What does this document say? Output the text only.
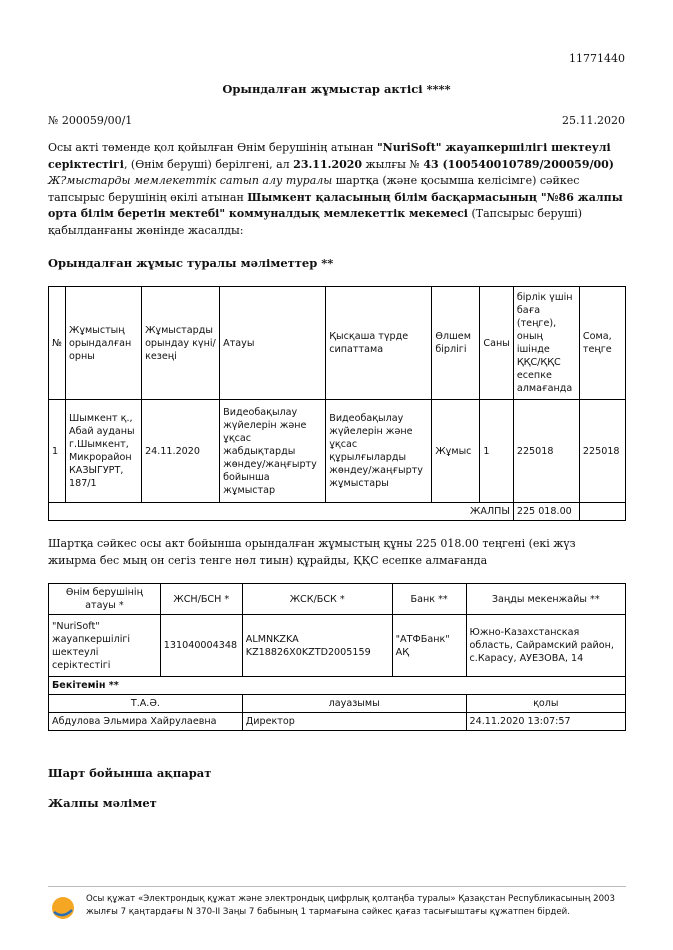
11771440
Орындалған жұмыстар актісі ****
№ 200059/00/1	25.11.2020
Осы акті төменде қол қойылған Өнім берушінің атынан "NuriSoft" жауапкершілігі шектеулі серіктестігі, (Өнім беруші) берілгені, ал 23.11.2020 жылғы № 43 (100540010789/200059/00) Ж?мыстарды мемлекеттік сатып алу туралы шартқа (және қосымша келісімге) сәйкес тапсырыс берушінің өкілі атынан Шымкент қаласының білім басқармасының "№86 жалпы орта білім беретін мектебі" коммуналдық мемлекеттік мекемесі (Тапсырыс беруші) қабылданғаны жөнінде жасалды:
Орындалған жұмыс туралы мәліметтер **
№	Жұмыстың орындалған орны	Жұмыстарды орындау күні/кезеңі	Атауы	Қысқаша түрде сипаттама	Өлшем бірлігі	Саны	бірлік үшін баға (теңге), оның ішінде ҚҚС/ҚҚС есепке алмағанда	Сома, теңге
1	Шымкент қ., Абай ауданы г.Шымкент, Микрорайон КАЗЫГУРТ, 187/1	24.11.2020	Видеобақылау жүйелерін және ұқсас жабдықтарды жөндеу/жаңғырту бойынша жұмыстар	Видеобақылау жүйелерін және ұқсас құрылғыларды жөндеу/жаңғырту жұмыстары	Жұмыс	1	225018	225018
ЖАЛПЫ							225 018.00	
Шартқа сәйкес осы акт бойынша орындалған жұмыстың құны 225 018.00 теңгені (екі жүз жиырма бес мың он сегіз тенге нөл тиын) құрайды, ҚҚС есепке алмағанда
Өнім берушінің атауы *	ЖСН/БСН *	ЖСК/БСК *	Банк **	Заңды мекенжайы **
"NuriSoft" жауапкершілігі шектеулі серіктестігі	131040004348	ALMNKZKA KZ18826X0KZTD2005159	"АТФБанк" АҚ	Южно-Казахстанская область, Сайрамский район, с.Карасу, АУЕЗОВА, 14
Бекітемін **				
Т.А.Ә.		лауазымы		қолы
Абдулова Эльмира Хайрулаевна		Директор		24.11.2020 13:07:57
Шарт бойынша ақпарат
Жалпы мәлімет
Осы құжат «Электрондық құжат және электрондық цифрлық қолтаңба туралы» Қазақстан Республикасының 2003 жылғы 7 қаңтардағы N 370-II Заңы 7 бабының 1 тармағына сәйкес қағаз тасығыштағы құжатпен бірдей.
